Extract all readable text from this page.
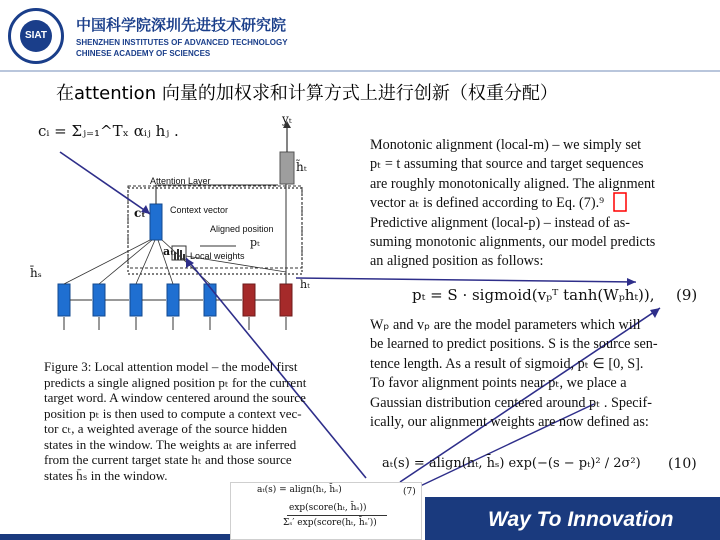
SIAT
中国科学院深圳先进技术研究院
SHENZHEN INSTITUTES OF ADVANCED TECHNOLOGY
CHINESE ACADEMY OF SCIENCES
在attention 向量的加权求和计算方式上进行创新（权重分配）
cᵢ = Σⱼ₌₁^Tₓ αᵢⱼ hⱼ .
yₜ
h̃ₜ
Attention Layer
Context vector
Aligned position
Local weights
cₜ
pₜ
aₜ
h̄ₛ
hₜ
Figure 3: Local attention model – the model first
predicts a single aligned position pₜ for the current
target word. A window centered around the source
position pₜ is then used to compute a context vec-
tor cₜ, a weighted average of the source hidden
states in the window. The weights aₜ are inferred
from the current target state hₜ and those source
states h̄ₛ in the window.
Monotonic alignment (local-m) – we simply set
pₜ = t assuming that source and target sequences
are roughly monotonically aligned. The alignment
vector aₜ is defined according to Eq. (7).⁹
Predictive alignment (local-p) – instead of as-
suming monotonic alignments, our model predicts
an aligned position as follows:
pₜ = S · sigmoid(vₚᵀ tanh(Wₚhₜ)), (9)
Wₚ and vₚ are the model parameters which will
be learned to predict positions. S is the source sen-
tence length. As a result of sigmoid, pₜ ∈ [0, S].
To favor alignment points near pₜ, we place a
Gaussian distribution centered around pₜ . Specif-
ically, our alignment weights are now defined as:
aₜ(s) = align(hₜ, h̄ₛ) exp(−(s − pₜ)² / 2σ²) (10)
aₜ(s) = align(hₜ, h̄ₛ)	(7)
exp(score(hₜ, h̄ₛ))
Σₛ′ exp(score(hₜ, h̄ₛ′))	Way To Innovation
